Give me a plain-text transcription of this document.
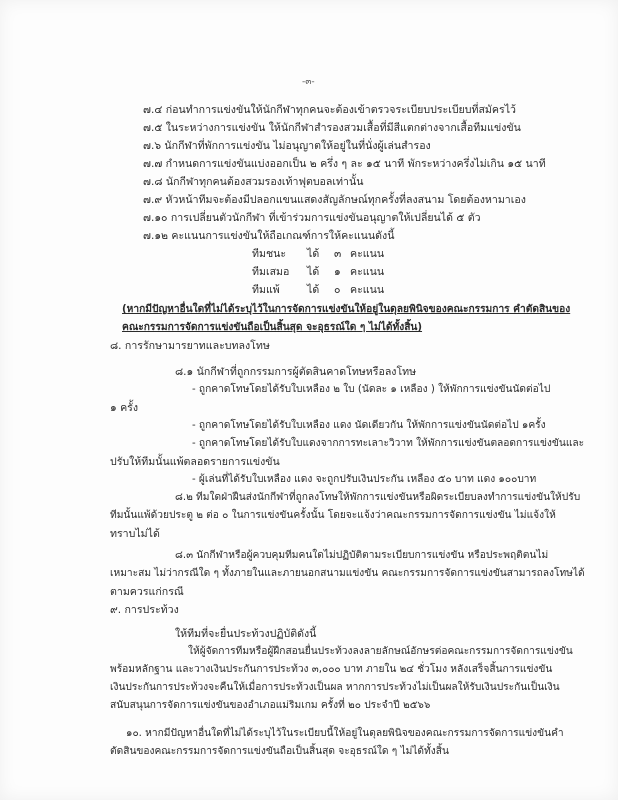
-๓-
๗.๔ ก่อนทำการแข่งขันให้นักกีฬาทุกคนจะต้องเข้าตรวจระเบียบประเบียบที่สมัครไว้
๗.๕ ในระหว่างการแข่งขัน ให้นักกีฬาสำรองสวมเสื้อที่มีสีแตกต่างจากเสื้อทีมแข่งขัน
๗.๖ นักกีฬาที่พักการแข่งขัน ไม่อนุญาตให้อยู่ในที่นั่งผู้เล่นสำรอง
๗.๗ กำหนดการแข่งขันแบ่งออกเป็น ๒ ครึ่ง ๆ ละ ๑๕ นาที พักระหว่างครึ่งไม่เกิน ๑๕ นาที
๗.๘ นักกีฬาทุกคนต้องสวมรองเท้าฟุตบอลเท่านั้น
๗.๙ หัวหน้าทีมจะต้องมีปลอกแขนแสดงสัญลักษณ์ทุกครั้งที่ลงสนาม โดยต้องหามาเอง
๗.๑๐ การเปลี่ยนตัวนักกีฬา ที่เข้าร่วมการแข่งขันอนุญาตให้เปลี่ยนได้ ๕ ตัว
๗.๑๒ คะแนนการแข่งขันให้ถือเกณฑ์การให้คะแนนดังนี้
ทีมชนะ ได้ ๓ คะแนน
ทีมเสมอ ได้ ๑ คะแนน
ทีมแพ้	ได้ ๐ คะแนน
(หากมีปัญหาอื่นใดที่ไม่ได้ระบุไว้ในการจัดการแข่งขันให้อยู่ในดุลยพินิจของคณะกรรมการ คำตัดสินของ
คณะกรรมการจัดการแข่งขันถือเป็นสิ้นสุด จะอุธรณ์ใด ๆ ไม่ได้ทั้งสิ้น)
๘. การรักษามารยาทและบทลงโทษ
๘.๑ นักกีฬาที่ถูกกรรมการผู้ตัดสินคาดโทษหรือลงโทษ
- ถูกคาดโทษโดยได้รับใบเหลือง ๒ ใบ (นัดละ ๑ เหลือง ) ให้พักการแข่งขันนัดต่อไป
๑ ครั้ง
- ถูกคาดโทษโดยได้รับใบเหลือง แดง นัดเดียวกัน ให้พักการแข่งขันนัดต่อไป ๑ครั้ง
- ถูกคาดโทษโดยได้รับใบแดงจากการทะเลาะวิวาท ให้พักการแข่งขันตลอดการแข่งขันและ
ปรับให้ทีมนั้นแพ้ตลอดรายการแข่งขัน
- ผู้เล่นที่ได้รับใบเหลือง แดง จะถูกปรับเงินประกัน เหลือง ๕๐ บาท แดง ๑๐๐บาท
๘.๒ ทีมใดฝ่าฝืนส่งนักกีฬาที่ถูกลงโทษให้พักการแข่งขันหรือผิดระเบียบลงทำการแข่งขันให้ปรับ
ทีมนั้นแพ้ด้วยประตู ๒ ต่อ ๐ ในการแข่งขันครั้งนั้น โดยจะแจ้งว่าคณะกรรมการจัดการแข่งขัน ไม่แจ้งให้
ทราบไม่ได้
๘.๓ นักกีฬาหรือผู้ควบคุมทีมคนใดไม่ปฏิบัติตามระเบียบการแข่งขัน หรือประพฤติตนไม่
เหมาะสม ไม่ว่ากรณีใด ๆ ทั้งภายในและภายนอกสนามแข่งขัน คณะกรรมการจัดการแข่งขันสามารถลงโทษได้
ตามควรแก่กรณี
๙. การประท้วง
ให้ทีมที่จะยื่นประท้วงปฏิบัติดังนี้
ให้ผู้จัดการทีมหรือผู้ฝึกสอนยื่นประท้วงลงลายลักษณ์อักษรต่อคณะกรรมการจัดการแข่งขัน
พร้อมหลักฐาน และวางเงินประกันการประท้วง ๓,๐๐๐ บาท ภายใน ๒๔ ชั่วโมง หลังเสร็จสิ้นการแข่งขัน
เงินประกันการประท้วงจะคืนให้เมื่อการประท้วงเป็นผล หากการประท้วงไม่เป็นผลให้รับเงินประกันเป็นเงิน
สนับสนุนการจัดการแข่งขันของอำเภอแม่ริมเกม ครั้งที่ ๒๐ ประจำปี ๒๕๖๖
๑๐. หากมีปัญหาอื่นใดที่ไม่ได้ระบุไว้ในระเบียบนี้ให้อยู่ในดุลยพินิจของคณะกรรมการจัดการแข่งขันคำ
ตัดสินของคณะกรรมการจัดการแข่งขันถือเป็นสิ้นสุด จะอุธรณ์ใด ๆ ไม่ได้ทั้งสิ้น
